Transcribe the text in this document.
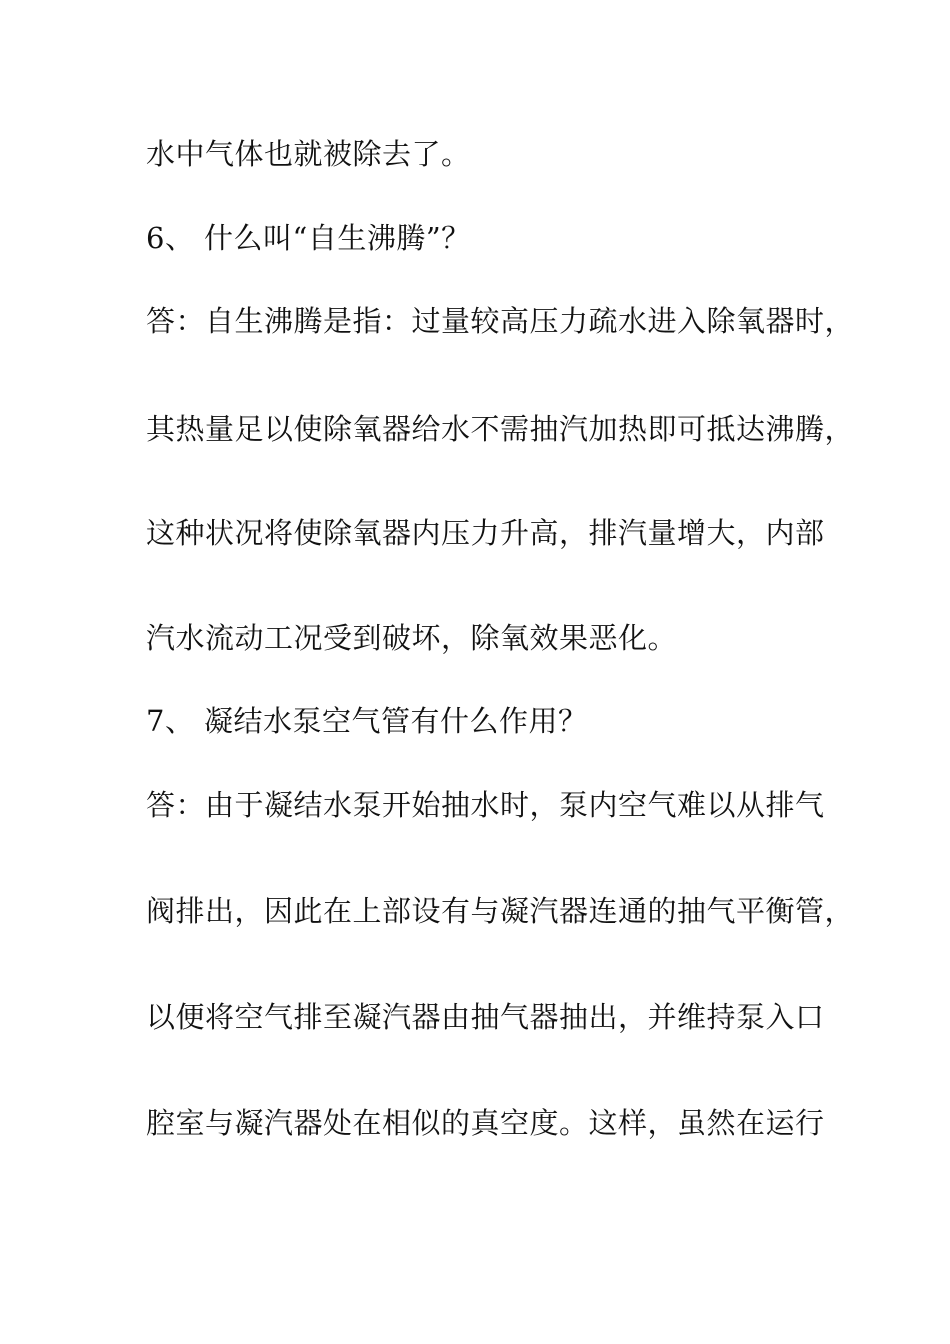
水中气体也就被除去了。
6、 什么叫“自生沸腾”？
答：自生沸腾是指：过量较高压力疏水进入除氧器时，
其热量足以使除氧器给水不需抽汽加热即可抵达沸腾，
这种状况将使除氧器内压力升高，排汽量增大，内部
汽水流动工况受到破坏，除氧效果恶化。
7、 凝结水泵空气管有什么作用？
答：由于凝结水泵开始抽水时，泵内空气难以从排气
阀排出，因此在上部设有与凝汽器连通的抽气平衡管，
以便将空气排至凝汽器由抽气器抽出，并维持泵入口
腔室与凝汽器处在相似的真空度。这样，虽然在运行
